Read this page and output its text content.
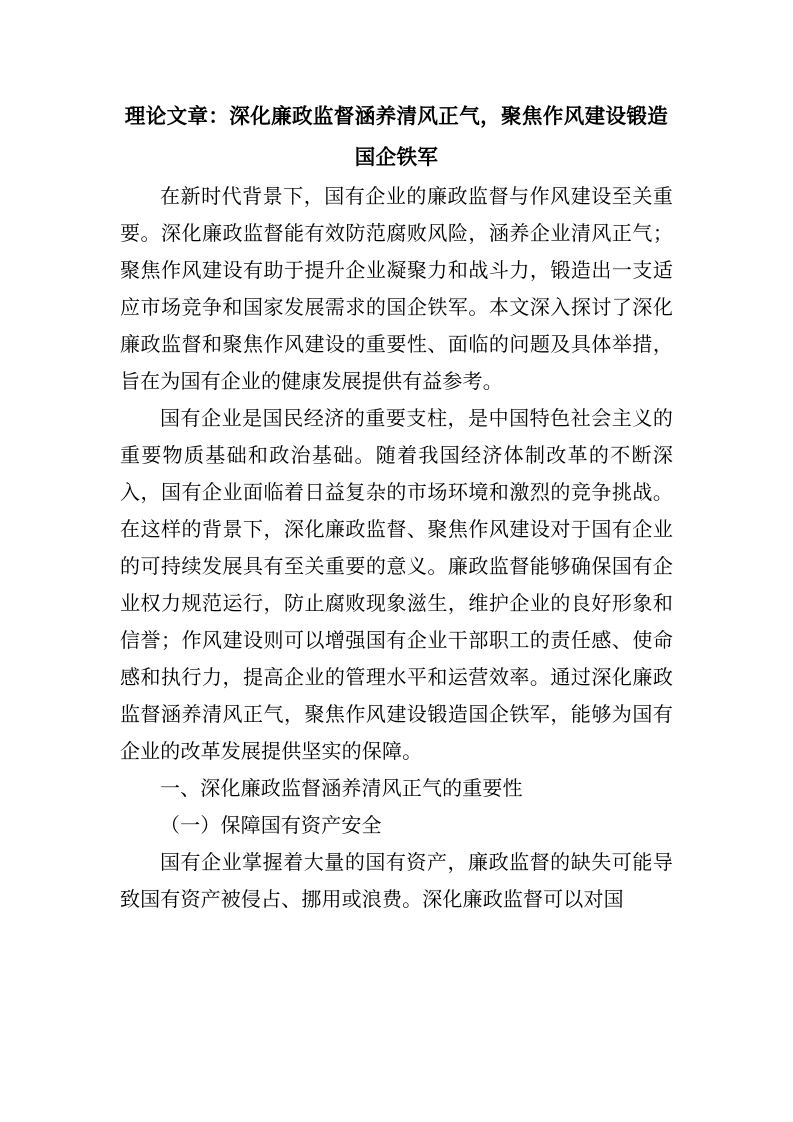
理论文章：深化廉政监督涵养清风正气，聚焦作风建设锻造国企铁军

在新时代背景下，国有企业的廉政监督与作风建设至关重要。深化廉政监督能有效防范腐败风险，涵养企业清风正气；聚焦作风建设有助于提升企业凝聚力和战斗力，锻造出一支适应市场竞争和国家发展需求的国企铁军。本文深入探讨了深化廉政监督和聚焦作风建设的重要性、面临的问题及具体举措，旨在为国有企业的健康发展提供有益参考。

国有企业是国民经济的重要支柱，是中国特色社会主义的重要物质基础和政治基础。随着我国经济体制改革的不断深入，国有企业面临着日益复杂的市场环境和激烈的竞争挑战。在这样的背景下，深化廉政监督、聚焦作风建设对于国有企业的可持续发展具有至关重要的意义。廉政监督能够确保国有企业权力规范运行，防止腐败现象滋生，维护企业的良好形象和信誉；作风建设则可以增强国有企业干部职工的责任感、使命感和执行力，提高企业的管理水平和运营效率。通过深化廉政监督涵养清风正气，聚焦作风建设锻造国企铁军，能够为国有企业的改革发展提供坚实的保障。

一、深化廉政监督涵养清风正气的重要性

（一）保障国有资产安全

国有企业掌握着大量的国有资产，廉政监督的缺失可能导致国有资产被侵占、挪用或浪费。深化廉政监督可以对国
